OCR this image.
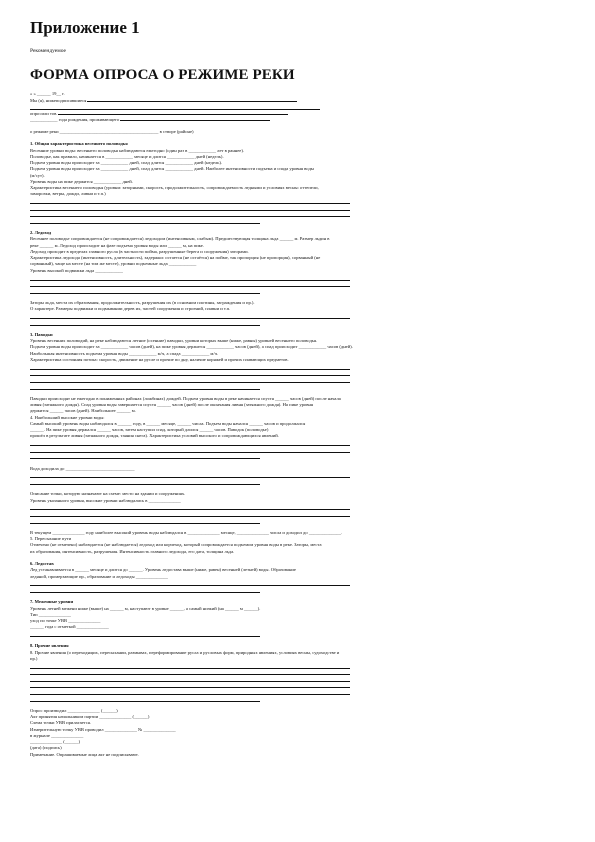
Приложение 1
Рекомендуемое
ФОРМА ОПРОСА О РЕЖИМЕ РЕКИ
« » ______ 19__ г.
Мы (я), нижеподписавшиеся
опросили тов.
____________ года рождения, проживающего
о режиме реки ___________________________________________ в створе (районе)
1. Общая характеристика весеннего половодья
Весенние уровни воды: весеннего половодья наблюдаются ежегодно (один раз в ____________ лет в раннее).
Половодье, как правило, начинается в ____________ месяце и длится ____________ дней (недель).
Подъем уровня воды происходит за ____________ дней, спад длится ____________ дней (недель).
Подъем уровня воды происходит за ____________ дней, спад длится ____________ дней. Наиболее интенсивности подъема и спада уровня воды
(м/сут).
Уровень воды на пике держится ____________ дней.
Характеристика весеннего половодья (уровни: заторными, скорость, продолжительность, сопровождаемость ледными и условиях весны: оттепели,
заморозки, ветры, дожди, ливни и т.п.)
2. Ледоход
Весеннее половодье сопровождается (не сопровождается) ледоходом (интенсивным, слабым). Предшествующая толщина льда ______ м. Размер льдин в
реке ______ м. Ледоход происходит на фазе подъема уровня воды или ______ м, на пике.
Ледоход проходит в пределах главного русла (в частности пойма, разрушенные берега и сооружения) заторами.
Характеристика ледохода (интенсивность, длительность), задержки: остается (не остаётся) на пойме, так пропорция (не пропорция), сорванный (не
сорванный), чаще на месте (на том же месте), уровни подъемные льда ____________
Уровень высокой подвижки льда ____________
Заторы льда, места их образования, продолжительность, разрушения их (в основном плотины, заграждения и пр.).
О характере. Размеры подвижки и подмывании дерев их, частей сооружения и строений, плавни и т.п.
3. Паводки
Уровень весенних половодий, на реке наблюдаются летние (осенние) паводки, уровни которых выше (ниже, равны) уровней весеннего половодья.
Подъем уровня воды происходит за ____________ часов (дней), на пике уровня держится ____________ часов (дней), а спад происходит ____________ часов (дней).
Наибольшая интенсивность подъема уровня воды ____________ м/ч, а спада ____________ м/ч.
Характеристика состояния потока: скорость, движение на русле и прочие по дну, наличие коряжей и прочих плавающих предметов.
Паводки происходят не ежегодно в пониженных районах (ложбинах) дождей. Подъем уровня воды в реке начинается спустя ______ часов (дней) после начала
ливня (затяжного дождя). Спад уровня воды завершается спустя ______ часов (дней) после окончания ливня (затяжного дождя). На пике уровня
держится ______ часов (дней). Наибольшее ______ м.
4. Наибольший высокие уровни воды:
Самый высокий уровень воды наблюдался в ______ году, в ______ месяце, ______ числа. Подъем воды начался ______ часов и продолжался
______. На пике уровня держался ______ часов, затем наступил спад, который длился ______ часов. Паводок (половодье)
прошёл в результате ливня (затяжного дождя, таяния снега). Характеристика условий высокого и сопровождающихся явлений.
Вода доходила до ______________________________
Описание точки, которую назначают на схеме: место на здании и сооружениях.
Уровень указанного уровня, высокие уровни наблюдались в ______________
В текущем ______________ году наиболее высокий уровень воды наблюдался в ______________ месяце, ______________ числа и доходил до ______________.
5. Пересыхание пути
Отмечено (не отмечено) наблюдается (не наблюдается) ледоход или корчеход, который сопровождается подъемом уровня воды в реке. Заторы, места
их образования, интенсивность, разрушения. Интенсивность главного ледохода, его дата, толщина льда.
6. Ледостав
Лед устанавливается в ______ месяце и длится до ______. Уровень ледостава выше (ниже, равен) весенней (летней) воды. Образование
ледяной, промерзающие пр., образование и ледоходы ______________
7. Меженные уровни
Уровень летней межени ниже (выше) на ______ м, наступают в уровне ______, а самый низкий (на ______ м ______).
Тип ______________
уход по точке УВВ ______________
______ года с отметкой ______________
8. Прочие явления
8. Прочие явления (о переходящих, пересыхании, размывах, переформирование русла и русловых форм, природных явлениях, условиях весны, судоходстве и
пр.)
Опрос производил ______________ (______)
Акт принятия начальником партии ______________ (______)
Схема точки УВВ прилагается.
Измерительную точку УВВ проводил ______________ № ______________
в журнале ______________
______________ (______)
(дата) (подпись)
Примечание. Опрашиваемые лица акт не подписывают.
